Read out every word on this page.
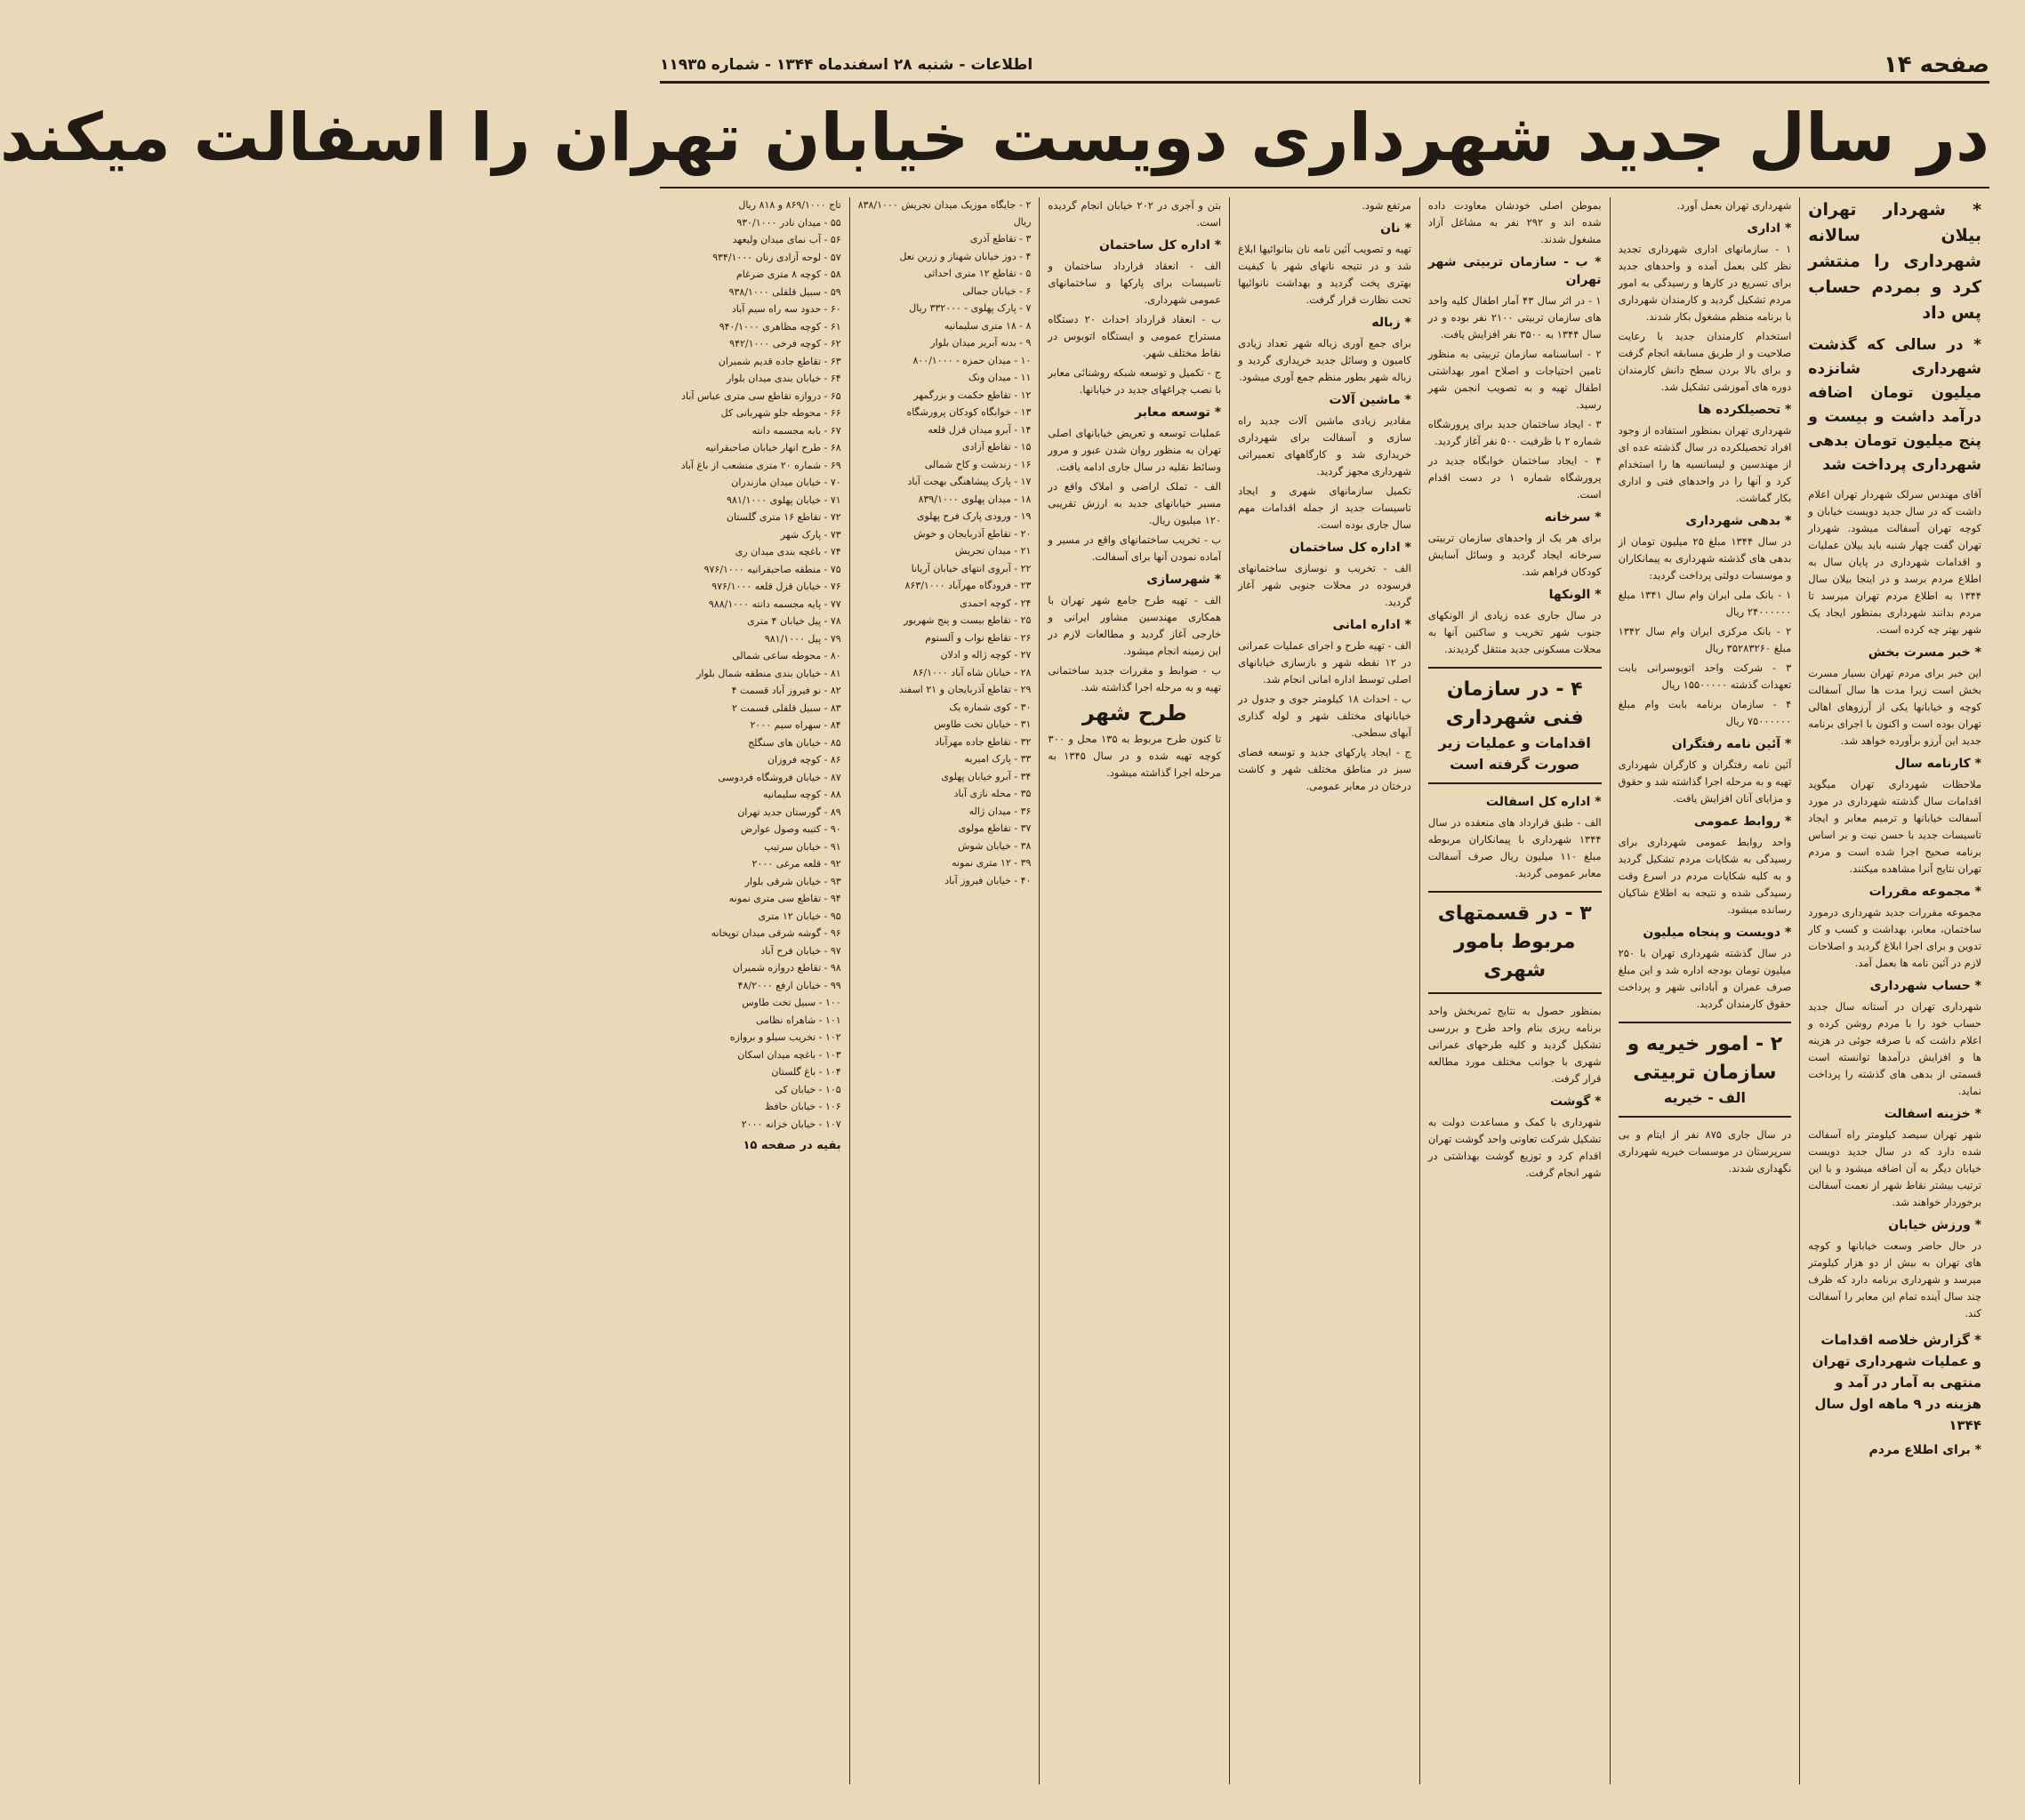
صفحه ۱۴
اطلاعات - شنبه ۲۸ اسفندماه ۱۳۴۴ - شماره ۱۱۹۳۵
در سال جدید شهرداری دویست خیابان تهران را اسفالت میکند
* شهردار تهران بیلان سالانه شهرداری را منتشر کرد و بمردم حساب پس داد
* در سالی که گذشت شهرداری شانزده میلیون تومان اضافه درآمد داشت و بیست و پنج میلیون تومان بدهی شهرداری پرداخت شد

آقای مهندس سرلک شهردار تهران اعلام داشت که در سال جدید دویست خیابان و کوچه تهران آسفالت میشود. شهردار تهران گفت چهار شنبه باید بیلان عملیات و اقدامات شهرداری در پایان سال به اطلاع مردم برسد و در اینجا بیلان سال ۱۳۴۴ به اطلاع مردم تهران میرسد تا مردم بدانند شهرداری بمنظور ایجاد یک شهر بهتر چه کرده است.

* خبر مسرت بخش

این خبر برای مردم تهران بسیار مسرت بخش است زیرا مدت ها سال آسفالت کوچه و خیابانها یکی از آرزوهای اهالی تهران بوده است و اکنون با اجرای برنامه جدید این آرزو برآورده خواهد شد.

* کارنامه سال

ملاحظات شهرداری تهران میگوید اقدامات سال گذشته شهرداری در مورد آسفالت خیابانها و ترمیم معابر و ایجاد تاسیسات جدید با حسن نیت و بر اساس برنامه صحیح اجرا شده است و مردم تهران نتایج آنرا مشاهده میکنند.

* مجموعه مقررات

مجموعه مقررات جدید شهرداری درمورد ساختمان، معابر، بهداشت و کسب و کار تدوین و برای اجرا ابلاغ گردید و اصلاحات لازم در آئین نامه ها بعمل آمد.

* حساب شهرداری

شهرداری تهران در آستانه سال جدید حساب خود را با مردم روشن کرده و اعلام داشت که با صرفه جوئی در هزینه ها و افزایش درآمدها توانسته است قسمتی از بدهی های گذشته را پرداخت نماید.

* خزینه اسفالت

شهر تهران سیصد کیلومتر راه آسفالت شده دارد که در سال جدید دویست خیابان دیگر به آن اضافه میشود و با این ترتیب بیشتر نقاط شهر از نعمت آسفالت برخوردار خواهند شد.

* ورزش خیابان

در حال حاضر وسعت خیابانها و کوچه های تهران به بیش از دو هزار کیلومتر میرسد و شهرداری برنامه دارد که ظرف چند سال آینده تمام این معابر را آسفالت کند.

* گزارش خلاصه اقدامات و عملیات شهرداری تهران منتهی به آمار در آمد و هزینه در ۹ ماهه اول سال ۱۳۴۴
* برای اطلاع مردم

شهرداری تهران بعمل آورد.

* اداری

۱ - سازمانهای اداری شهرداری تجدید نظر کلی بعمل آمده و واحدهای جدید برای تسریع در کارها و رسیدگی به امور مردم تشکیل گردید و کارمندان شهرداری با برنامه منظم مشغول بکار شدند.

استخدام کارمندان جدید با رعایت صلاحیت و از طریق مسابقه انجام گرفت و برای بالا بردن سطح دانش کارمندان دوره های آموزشی تشکیل شد.

* تحصیلکرده ها

شهرداری تهران بمنظور استفاده از وجود افراد تحصیلکرده در سال گذشته عده ای از مهندسین و لیسانسیه ها را استخدام کرد و آنها را در واحدهای فنی و اداری بکار گماشت.

* بدهی شهرداری

در سال ۱۳۴۴ مبلغ ۲۵ میلیون تومان از بدهی های گذشته شهرداری به پیمانکاران و موسسات دولتی پرداخت گردید:

۱ - بانک ملی ایران وام سال ۱۳۴۱ مبلغ ۲۴۰۰۰۰۰۰ ریال

۲ - بانک مرکزی ایران وام سال ۱۳۴۲ مبلغ ۳۵۲۸۳۲۶۰ ریال

۳ - شرکت واحد اتوبوسرانی بابت تعهدات گذشته ۱۵۵۰۰۰۰۰ ریال

۴ - سازمان برنامه بابت وام مبلغ ۷۵۰۰۰۰۰۰ ریال

* آئین نامه رفتگران

آئین نامه رفتگران و کارگران شهرداری تهیه و به مرحله اجرا گذاشته شد و حقوق و مزایای آنان افزایش یافت.

* روابط عمومی

واحد روابط عمومی شهرداری برای رسیدگی به شکایات مردم تشکیل گردید و به کلیه شکایات مردم در اسرع وقت رسیدگی شده و نتیجه به اطلاع شاکیان رسانده میشود.

* دویست و پنجاه میلیون

در سال گذشته شهرداری تهران با ۲۵۰ میلیون تومان بودجه اداره شد و این مبلغ صرف عمران و آبادانی شهر و پرداخت حقوق کارمندان گردید.

۲ - امور خیریه و سازمان تربیتی
الف - خیریه

در سال جاری ۸۷۵ نفر از ایتام و بی سرپرستان در موسسات خیریه شهرداری نگهداری شدند.

بموطن اصلی خودشان معاودت داده شده اند و ۲۹۲ نفر به مشاغل آزاد مشغول شدند.

* ب - سازمان تربیتی شهر تهران

۱ - در اثر سال ۴۳ آمار اطفال کلیه واحد های سازمان تربیتی ۲۱۰۰ نفر بوده و در سال ۱۳۴۴ به ۳۵۰۰ نفر افزایش یافت.

۲ - اساسنامه سازمان تربیتی به منظور تامین احتیاجات و اصلاح امور بهداشتی اطفال تهیه و به تصویب انجمن شهر رسید.

۳ - ایجاد ساختمان جدید برای پرورشگاه شماره ۲ با ظرفیت ۵۰۰ نفر آغاز گردید.

۴ - ایجاد ساختمان خوابگاه جدید در پرورشگاه شماره ۱ در دست اقدام است.

* سرخانه

برای هر یک از واحدهای سازمان تربیتی سرخانه ایجاد گردید و وسائل آسایش کودکان فراهم شد.

* الونکها

در سال جاری عده زیادی از الونکهای جنوب شهر تخریب و ساکنین آنها به محلات مسکونی جدید منتقل گردیدند.

۴ - در سازمان
فنی شهرداری
اقدامات و عملیات زیر صورت گرفته است
* اداره کل اسفالت

الف - طبق قرارداد های منعقده در سال ۱۳۴۴ شهرداری با پیمانکاران مربوطه مبلغ ۱۱۰ میلیون ریال صرف آسفالت معابر عمومی گردید.

۳ - در قسمتهای مربوط بامور شهری

بمنظور حصول به نتایج ثمربخش واحد برنامه ریزی بنام واحد طرح و بررسی تشکیل گردید و کلیه طرحهای عمرانی شهری با جوانب مختلف مورد مطالعه قرار گرفت.

* گوشت

شهرداری با کمک و مساعدت دولت به تشکیل شرکت تعاونی واحد گوشت تهران اقدام کرد و توزیع گوشت بهداشتی در شهر انجام گرفت.

مرتفع شود.

* نان

تهیه و تصویب آئین نامه نان بنانوائیها ابلاغ شد و در نتیجه نانهای شهر با کیفیت بهتری پخت گردید و بهداشت نانوائیها تحت نظارت قرار گرفت.

* زباله

برای جمع آوری زباله شهر تعداد زیادی کامیون و وسائل جدید خریداری گردید و زباله شهر بطور منظم جمع آوری میشود.

* ماشین آلات

مقادیر زیادی ماشین آلات جدید راه سازی و آسفالت برای شهرداری خریداری شد و کارگاههای تعمیراتی شهرداری مجهز گردید.

تکمیل سازمانهای شهری و ایجاد تاسیسات جدید از جمله اقدامات مهم سال جاری بوده است.

* اداره کل ساختمان

الف - تخریب و نوسازی ساختمانهای فرسوده در محلات جنوبی شهر آغاز گردید.

* اداره امانی

الف - تهیه طرح و اجرای عملیات عمرانی در ۱۲ نقطه شهر و بازسازی خیابانهای اصلی توسط اداره امانی انجام شد.

ب - احداث ۱۸ کیلومتر جوی و جدول در خیابانهای مختلف شهر و لوله گذاری آبهای سطحی.

ج - ایجاد پارکهای جدید و توسعه فضای سبز در مناطق مختلف شهر و کاشت درختان در معابر عمومی.

بتن و آجری در ۲۰۲ خیابان انجام گردیده است.

* اداره کل ساختمان

الف - انعقاد قرارداد ساختمان و تاسیسات برای پارکها و ساختمانهای عمومی شهرداری.

ب - انعقاد قرارداد احداث ۲۰ دستگاه مستراح عمومی و ایستگاه اتوبوس در نقاط مختلف شهر.

ج - تکمیل و توسعه شبکه روشنائی معابر با نصب چراغهای جدید در خیابانها.

* توسعه معابر

عملیات توسعه و تعریض خیابانهای اصلی تهران به منظور روان شدن عبور و مرور وسائط نقلیه در سال جاری ادامه یافت.

الف - تملک اراضی و املاک واقع در مسیر خیابانهای جدید به ارزش تقریبی ۱۲۰ میلیون ریال.

ب - تخریب ساختمانهای واقع در مسیر و آماده نمودن آنها برای آسفالت.

* شهرسازی

الف - تهیه طرح جامع شهر تهران با همکاری مهندسین مشاور ایرانی و خارجی آغاز گردید و مطالعات لازم در این زمینه انجام میشود.

ب - ضوابط و مقررات جدید ساختمانی تهیه و به مرحله اجرا گذاشته شد.

طرح شهر

تا کنون طرح مربوط به ۱۳۵ محل و ۳۰۰ کوچه تهیه شده و در سال ۱۳۴۵ به مرحله اجرا گذاشته میشود.

۲ - جایگاه موزیک میدان تجریش ۸۳۸/۱۰۰۰ ریال

۳ - تقاطع آذری

۴ - دوز خیابان شهناز و زرین نعل

۵ - تقاطع ۱۲ متری احداثی

۶ - خیابان جمالی

۷ - پارک پهلوی - ۳۳۲۰۰۰ ریال

۸ - ۱۸ متری سلیمانیه

۹ - بدنه آبریز میدان بلوار

۱۰ - میدان حمزه - ۸۰۰/۱۰۰۰

۱۱ - میدان ونک

۱۲ - تقاطع حکمت و بزرگمهر

۱۳ - خوابگاه کودکان پرورشگاه

۱۴ - آبرو میدان قزل قلعه

۱۵ - تقاطع آزادی

۱۶ - زندشت و کاخ شمالی

۱۷ - پارک پیشاهنگی بهجت آباد

۱۸ - میدان پهلوی ۸۳۹/۱۰۰۰

۱۹ - ورودی پارک فرح پهلوی

۲۰ - تقاطع آذربایجان و خوش

۲۱ - میدان تجریش

۲۲ - آبروی انتهای خیابان آریانا

۲۳ - فرودگاه مهرآباد ۸۶۳/۱۰۰۰

۲۴ - کوچه احمدی

۲۵ - تقاطع بیست و پنج شهریور

۲۶ - تقاطع نواب و آلستوم

۲۷ - کوچه ژاله و ادلان

۲۸ - خیابان شاه آباد ۸۶/۱۰۰۰

۲۹ - تقاطع آذربایجان و ۲۱ اسفند

۳۰ - کوی شماره یک

۳۱ - خیابان تخت طاوس

۳۲ - تقاطع جاده مهرآباد

۳۳ - پارک امیریه

۳۴ - آبرو خیابان پهلوی

۳۵ - محله نازی آباد

۳۶ - میدان ژاله

۳۷ - تقاطع مولوی

۳۸ - خیابان شوش

۳۹ - ۱۲ متری نمونه

۴۰ - خیابان فیروز آباد

تاج ۸۶۹/۱۰۰۰ و ۸۱۸ ریال

۵۵ - میدان نادر ۹۳۰/۱۰۰۰

۵۶ - آب نمای میدان ولیعهد

۵۷ - لوحه آزادی زنان ۹۳۴/۱۰۰۰

۵۸ - کوچه ۸ متری ضرغام

۵۹ - سبیل قلقلی ۹۳۸/۱۰۰۰

۶۰ - حدود سه راه سیم آباد

۶۱ - کوچه مظاهری ۹۴۰/۱۰۰۰

۶۲ - کوچه فرخی ۹۴۲/۱۰۰۰

۶۳ - تقاطع جاده قدیم شمیران

۶۴ - خیابان بندی میدان بلوار

۶۵ - دروازه تقاطع سی متری عباس آباد

۶۶ - محوطه جلو شهربانی کل

۶۷ - بابه مجسمه دانته

۶۸ - طرح انهار خیابان صاحبقرانیه

۶۹ - شماره ۲۰ متری منشعب از باغ آباد

۷۰ - خیابان میدان مازندران

۷۱ - خیابان پهلوی ۹۸۱/۱۰۰۰

۷۲ - تقاطع ۱۶ متری گلستان

۷۳ - پارک شهر

۷۴ - باغچه بندی میدان ری

۷۵ - منطقه صاحبقرانیه ۹۷۶/۱۰۰۰

۷۶ - خیابان قزل قلعه ۹۷۶/۱۰۰۰

۷۷ - پایه مجسمه دانته ۹۸۸/۱۰۰۰

۷۸ - پیل خیابان ۴ متری

۷۹ - پیل ۹۸۱/۱۰۰۰

۸۰ - محوطه ساعی شمالی

۸۱ - خیابان بندی منطقه شمال بلوار

۸۲ - نو فیروز آباد قسمت ۴

۸۳ - سبیل قلقلی قسمت ۲

۸۴ - سهراه سیم ۲۰۰۰

۸۵ - خیابان های سنگلج

۸۶ - کوچه فروزان

۸۷ - خیابان فروشگاه فردوسی

۸۸ - کوچه سلیمانیه

۸۹ - گورستان جدید تهران

۹۰ - کتیبه وصول عوارض

۹۱ - خیابان سرتیپ

۹۲ - قلعه مرغی ۲۰۰۰

۹۳ - خیابان شرقی بلوار

۹۴ - تقاطع سی متری نمونه

۹۵ - خیابان ۱۲ متری

۹۶ - گوشه شرقی میدان توپخانه

۹۷ - خیابان فرح آباد

۹۸ - تقاطع دروازه شمیران

۹۹ - خیابان ارفع ۴۸/۲۰۰۰

۱۰۰ - سبیل تخت طاوس

۱۰۱ - شاهراه نظامی

۱۰۲ - تخریب سیلو و بروازه

۱۰۳ - باغچه میدان اسکان

۱۰۴ - باغ گلستان

۱۰۵ - خیابان کی

۱۰۶ - خیابان حافظ

۱۰۷ - خیابان خزانه ۲۰۰۰

بقیه در صفحه ۱۵
